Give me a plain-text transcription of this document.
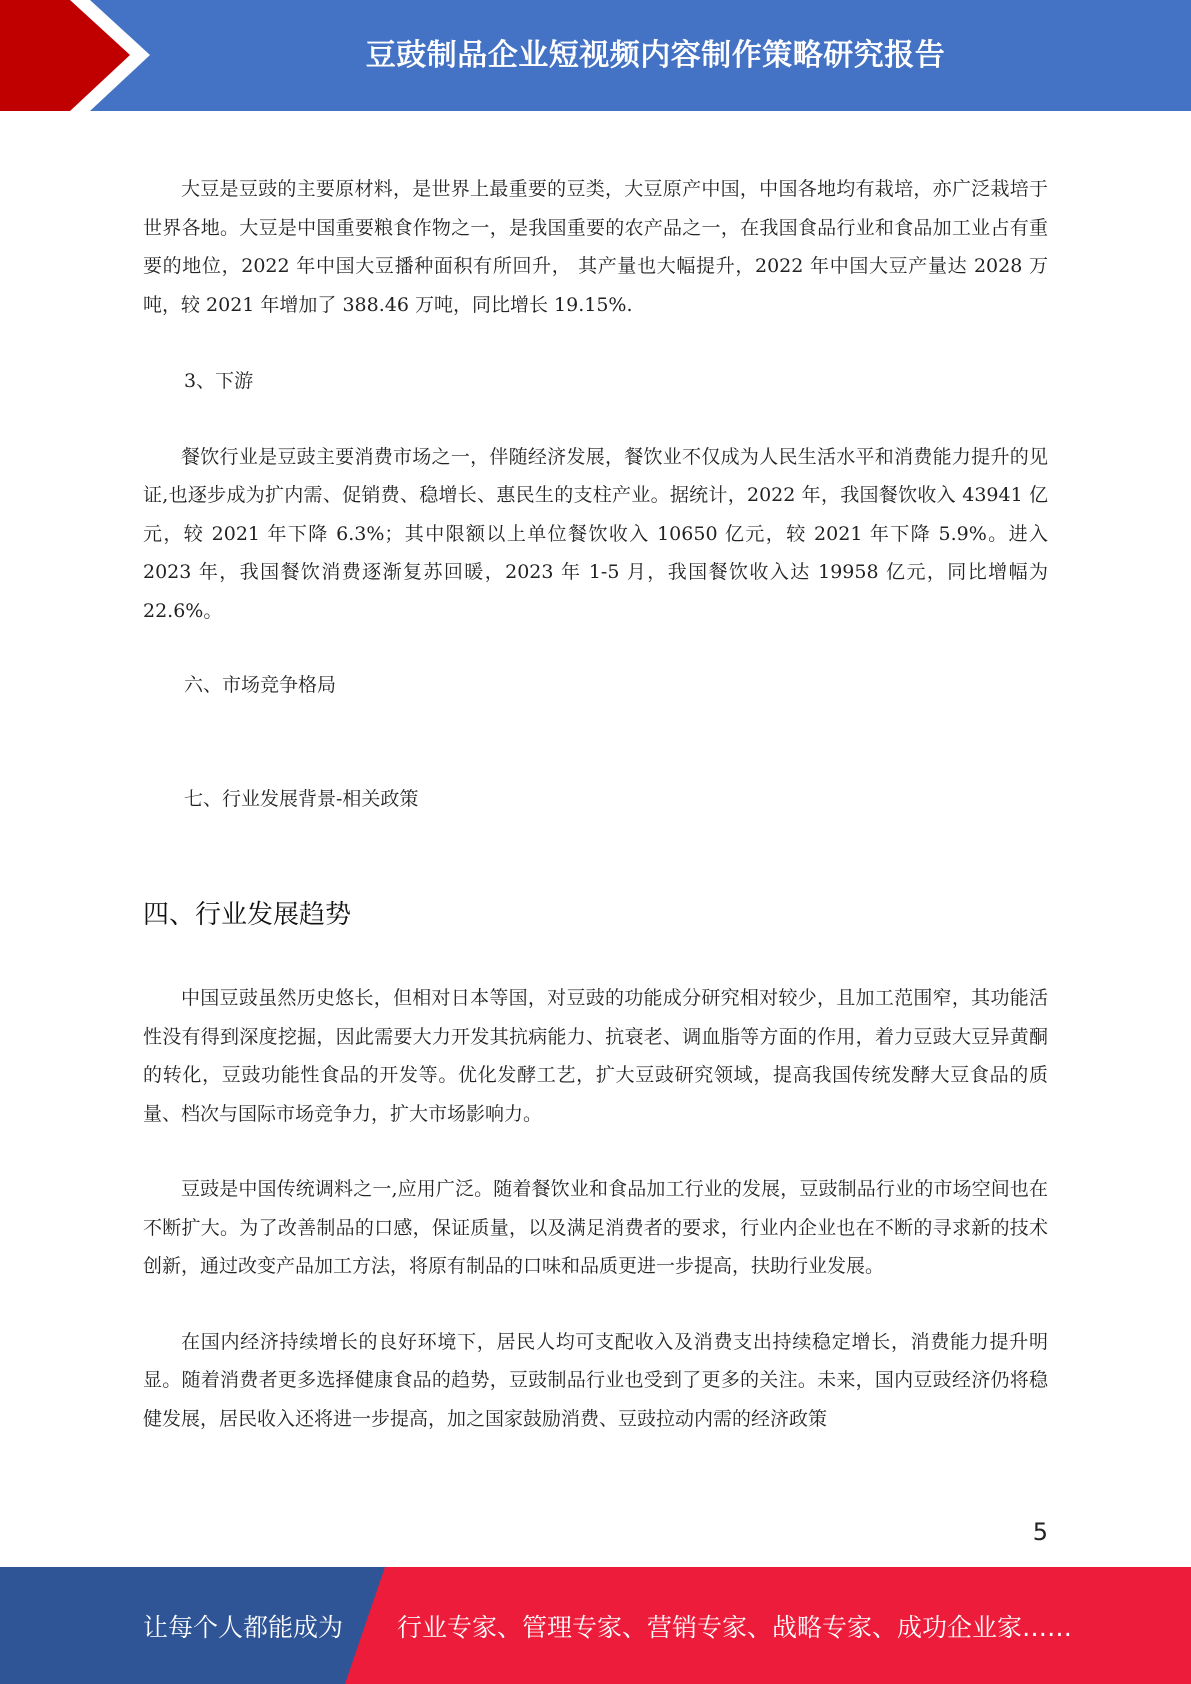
豆豉制品企业短视频内容制作策略研究报告

大豆是豆豉的主要原材料，是世界上最重要的豆类，大豆原产中国，中国各地均有栽培，亦广泛栽培于世界各地。大豆是中国重要粮食作物之一，是我国重要的农产品之一，在我国食品行业和食品加工业占有重要的地位，2022 年中国大豆播种面积有所回升， 其产量也大幅提升，2022 年中国大豆产量达 2028 万吨，较 2021 年增加了 388.46 万吨，同比增长 19.15%.

3、下游

餐饮行业是豆豉主要消费市场之一，伴随经济发展，餐饮业不仅成为人民生活水平和消费能力提升的见证,也逐步成为扩内需、促销费、稳增长、惠民生的支柱产业。据统计，2022 年，我国餐饮收入 43941 亿元，较 2021 年下降 6.3%；其中限额以上单位餐饮收入 10650 亿元，较 2021 年下降 5.9%。进入 2023 年，我国餐饮消费逐渐复苏回暖，2023 年 1-5 月，我国餐饮收入达 19958 亿元，同比增幅为 22.6%。

六、市场竞争格局

七、行业发展背景-相关政策

四、行业发展趋势

中国豆豉虽然历史悠长，但相对日本等国，对豆豉的功能成分研究相对较少，且加工范围窄，其功能活性没有得到深度挖掘，因此需要大力开发其抗病能力、抗衰老、调血脂等方面的作用，着力豆豉大豆异黄酮的转化，豆豉功能性食品的开发等。优化发酵工艺，扩大豆豉研究领域，提高我国传统发酵大豆食品的质量、档次与国际市场竞争力，扩大市场影响力。

豆豉是中国传统调料之一,应用广泛。随着餐饮业和食品加工行业的发展，豆豉制品行业的市场空间也在不断扩大。为了改善制品的口感，保证质量，以及满足消费者的要求，行业内企业也在不断的寻求新的技术创新，通过改变产品加工方法，将原有制品的口味和品质更进一步提高，扶助行业发展。

在国内经济持续增长的良好环境下，居民人均可支配收入及消费支出持续稳定增长，消费能力提升明显。随着消费者更多选择健康食品的趋势，豆豉制品行业也受到了更多的关注。未来，国内豆豉经济仍将稳健发展，居民收入还将进一步提高，加之国家鼓励消费、豆豉拉动内需的经济政策

5
让每个人都能成为 行业专家、管理专家、营销专家、战略专家、成功企业家……
